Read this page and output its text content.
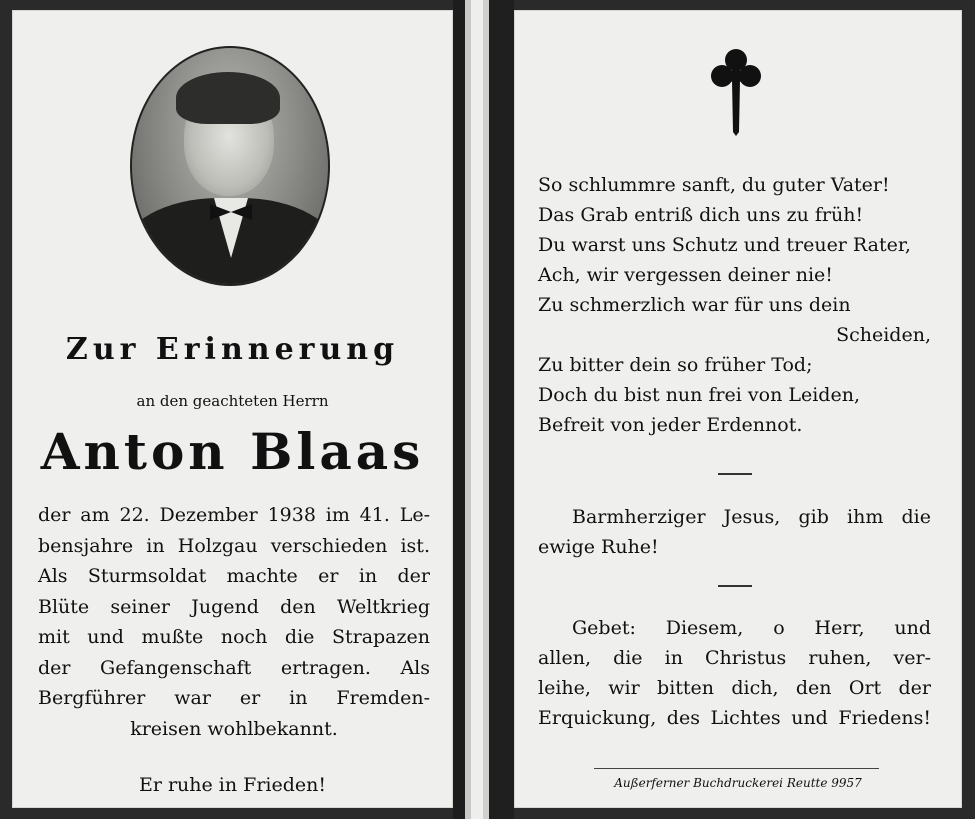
Zur Erinnerung
an den geachteten Herrn
Anton Blaas
der am 22. Dezember 1938 im 41. Le-
bensjahre in Holzgau verschieden ist.
Als Sturmsoldat machte er in der
Blüte seiner Jugend den Weltkrieg
mit und mußte noch die Strapazen
der Gefangenschaft ertragen. Als
Bergführer war er in Fremden-
kreisen wohlbekannt.
Er ruhe in Frieden!
So schlummre sanft, du guter Vater!
Das Grab entriß dich uns zu früh!
Du warst uns Schutz und treuer Rater,
Ach, wir vergessen deiner nie!
Zu schmerzlich war für uns dein
Scheiden,
Zu bitter dein so früher Tod;
Doch du bist nun frei von Leiden,
Befreit von jeder Erdennot.
Barmherziger Jesus, gib ihm die
ewige Ruhe!
Gebet: Diesem, o Herr, und
allen, die in Christus ruhen, ver-
leihe, wir bitten dich, den Ort der
Erquickung, des Lichtes und Friedens!
Außerferner Buchdruckerei Reutte 9957
